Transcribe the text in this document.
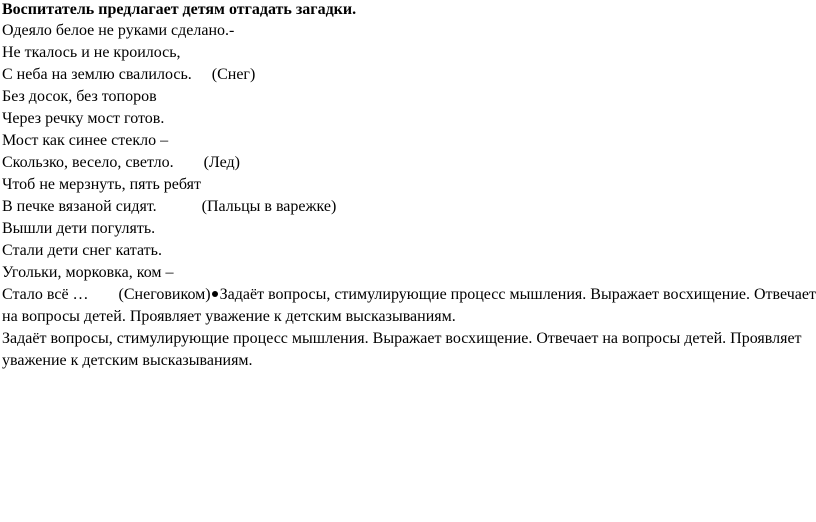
Воспитатель предлагает детям отгадать загадки.
Одеяло белое не руками сделано.-
Не ткалось и не кроилось,
С неба на землю свалилось. (Снег)
Без досок, без топоров
Через речку мост готов.
Мост как синее стекло –
Скользко, весело, светло. (Лед)
Чтоб не мерзнуть, пять ребят
В печке вязаной сидят.	(Пальцы в варежке)
Вышли дети погулять.
Стали дети снег катать.
Угольки, морковка, ком –
Стало всё … (Снеговиком) Задаёт вопросы, стимулирующие процесс мышления. Выражает восхищение. Отвечает
на вопросы детей. Проявляет уважение к детским высказываниям.
Задаёт вопросы, стимулирующие процесс мышления. Выражает восхищение. Отвечает на вопросы детей. Проявляет
уважение к детским высказываниям.
